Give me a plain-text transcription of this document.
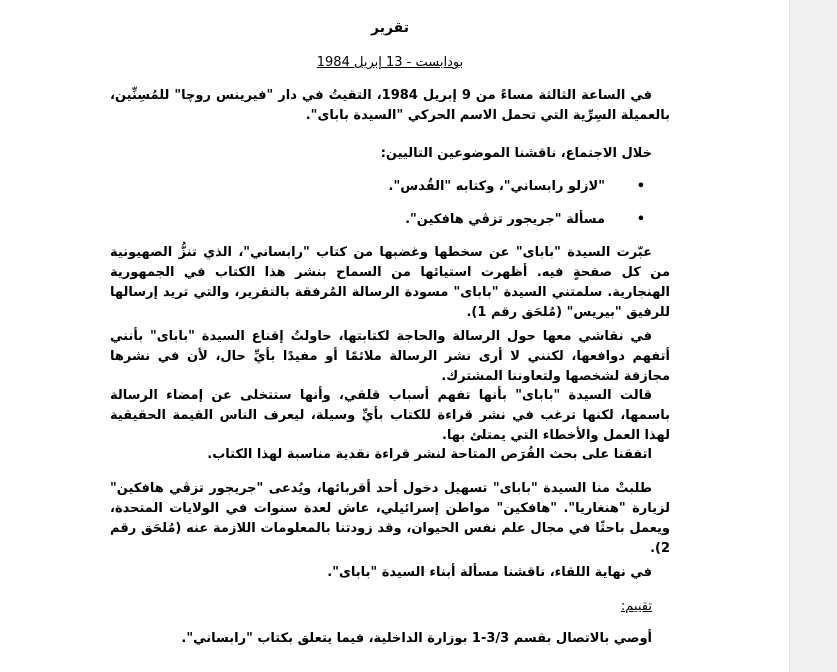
تقرير
بودابست - 13 إبريل 1984
في الساعة الثالثة مساءً من 9 إبريل 1984، التقيتُ في دار "فيرينس روچا" للمُسِنِّين، بالعميلة السِرِّية التي تحمل الاسم الحركي "السيدة بابای".
خلال الاجتماع، ناقشنا الموضوعين التاليين:
•
"لازلو رابساني"، وكتابه "القُدس".
•
مسألة "جريجور تزڤي هافكين".
عبّرت السيدة "بابای" عن سخطها وغضبها من كتاب "رابساني"، الذي تنزُّ الصهيونية من كل صفحةٍ فيه. أظهرت استيائها من السماح بنشر هذا الكتاب في الجمهورية الهنجارية. سلمتني السيدة "بابای" مسودة الرسالة المُرفقة بالتقرير، والتي تريد إرسالها للرفيق "بيريس" (مُلحَق رقم 1).
في نقاشي معها حول الرسالة والحاجة لكتابتها، حاولتُ إقناع السيدة "بابای" بأنني أتفهم دوافعها، لكنني لا أرى نشر الرسالة ملائمًا أو مفيدًا بأيِّ حال، لأن في نشرها مجازفة لشخصها ولتعاوننا المشترك.
قالت السيدة "بابای" بأنها تفهم أسباب قلقي، وأنها ستتخلى عن إمضاء الرسالة باسمها، لكنها ترغب في نشر قراءة للكتاب بأيِّ وسيلة، ليعرف الناس القيمة الحقيقية لهذا العمل والأخطاء التي يمتلئ بها.
اتفقنا على بحث الفُرَص المتاحة لنشر قراءة نقدية مناسبة لهذا الكتاب.
طلبتْ منا السيدة "بابای" تسهيل دخول أحد أقربائها، ويُدعى "جريجور تزڤي هافكين" لزيارة "هنغاريا". "هافكين" مواطن إسرائيلي، عاش لعدة سنوات في الولايات المتحدة، ويعمل باحثًا في مجال علم نفس الحيوان، وقد زودتنا بالمعلومات اللازمة عنه (مُلحَق رقم 2).
في نهاية اللقاء، ناقشنا مسألة أبناء السيدة "بابای".
تقييم:
أوصي بالاتصال بقسم 3/3-1 بوزارة الداخلية، فيما يتعلق بكتاب "رابساني".
